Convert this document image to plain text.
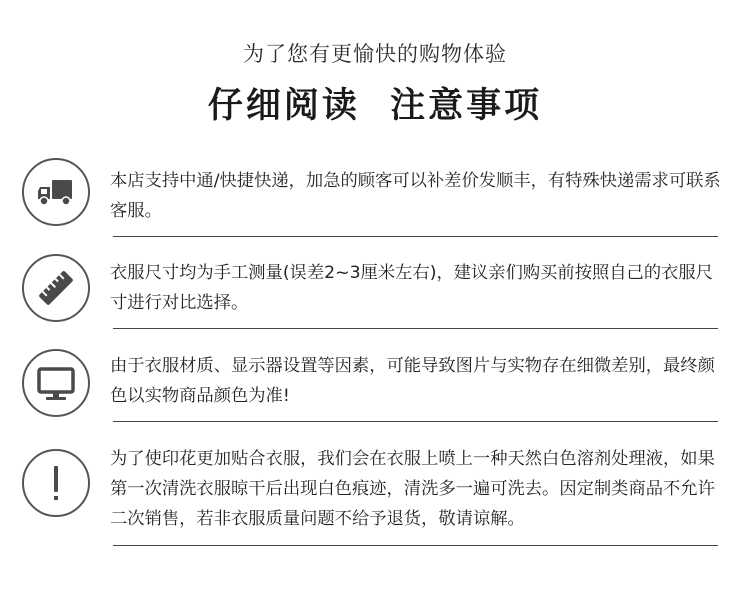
为了您有更愉快的购物体验
仔细阅读  注意事项
本店支持中通/快捷快递，加急的顾客可以补差价发顺丰，有特殊快递需求可联系客服。
衣服尺寸均为手工测量(误差2~3厘米左右)，建议亲们购买前按照自己的衣服尺寸进行对比选择。
由于衣服材质、显示器设置等因素，可能导致图片与实物存在细微差别，最终颜色以实物商品颜色为准!
为了使印花更加贴合衣服，我们会在衣服上喷上一种天然白色溶剂处理液，如果第一次清洗衣服晾干后出现白色痕迹，清洗多一遍可洗去。因定制类商品不允许二次销售，若非衣服质量问题不给予退货，敬请谅解。
